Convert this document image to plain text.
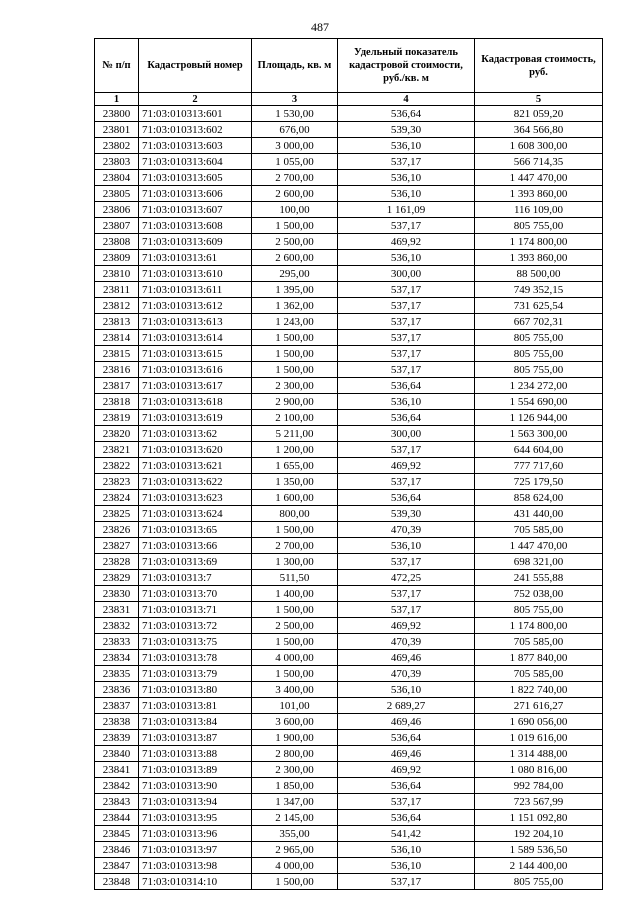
487
№ п/п	Кадастровый номер	Площадь, кв. м	Удельный показатель кадастровой стоимости, руб./кв. м	Кадастровая стоимость, руб.
1	2	3	4	5
23800	71:03:010313:601	1 530,00	536,64	821 059,20
23801	71:03:010313:602	676,00	539,30	364 566,80
23802	71:03:010313:603	3 000,00	536,10	1 608 300,00
23803	71:03:010313:604	1 055,00	537,17	566 714,35
23804	71:03:010313:605	2 700,00	536,10	1 447 470,00
23805	71:03:010313:606	2 600,00	536,10	1 393 860,00
23806	71:03:010313:607	100,00	1 161,09	116 109,00
23807	71:03:010313:608	1 500,00	537,17	805 755,00
23808	71:03:010313:609	2 500,00	469,92	1 174 800,00
23809	71:03:010313:61	2 600,00	536,10	1 393 860,00
23810	71:03:010313:610	295,00	300,00	88 500,00
23811	71:03:010313:611	1 395,00	537,17	749 352,15
23812	71:03:010313:612	1 362,00	537,17	731 625,54
23813	71:03:010313:613	1 243,00	537,17	667 702,31
23814	71:03:010313:614	1 500,00	537,17	805 755,00
23815	71:03:010313:615	1 500,00	537,17	805 755,00
23816	71:03:010313:616	1 500,00	537,17	805 755,00
23817	71:03:010313:617	2 300,00	536,64	1 234 272,00
23818	71:03:010313:618	2 900,00	536,10	1 554 690,00
23819	71:03:010313:619	2 100,00	536,64	1 126 944,00
23820	71:03:010313:62	5 211,00	300,00	1 563 300,00
23821	71:03:010313:620	1 200,00	537,17	644 604,00
23822	71:03:010313:621	1 655,00	469,92	777 717,60
23823	71:03:010313:622	1 350,00	537,17	725 179,50
23824	71:03:010313:623	1 600,00	536,64	858 624,00
23825	71:03:010313:624	800,00	539,30	431 440,00
23826	71:03:010313:65	1 500,00	470,39	705 585,00
23827	71:03:010313:66	2 700,00	536,10	1 447 470,00
23828	71:03:010313:69	1 300,00	537,17	698 321,00
23829	71:03:010313:7	511,50	472,25	241 555,88
23830	71:03:010313:70	1 400,00	537,17	752 038,00
23831	71:03:010313:71	1 500,00	537,17	805 755,00
23832	71:03:010313:72	2 500,00	469,92	1 174 800,00
23833	71:03:010313:75	1 500,00	470,39	705 585,00
23834	71:03:010313:78	4 000,00	469,46	1 877 840,00
23835	71:03:010313:79	1 500,00	470,39	705 585,00
23836	71:03:010313:80	3 400,00	536,10	1 822 740,00
23837	71:03:010313:81	101,00	2 689,27	271 616,27
23838	71:03:010313:84	3 600,00	469,46	1 690 056,00
23839	71:03:010313:87	1 900,00	536,64	1 019 616,00
23840	71:03:010313:88	2 800,00	469,46	1 314 488,00
23841	71:03:010313:89	2 300,00	469,92	1 080 816,00
23842	71:03:010313:90	1 850,00	536,64	992 784,00
23843	71:03:010313:94	1 347,00	537,17	723 567,99
23844	71:03:010313:95	2 145,00	536,64	1 151 092,80
23845	71:03:010313:96	355,00	541,42	192 204,10
23846	71:03:010313:97	2 965,00	536,10	1 589 536,50
23847	71:03:010313:98	4 000,00	536,10	2 144 400,00
23848	71:03:010314:10	1 500,00	537,17	805 755,00
